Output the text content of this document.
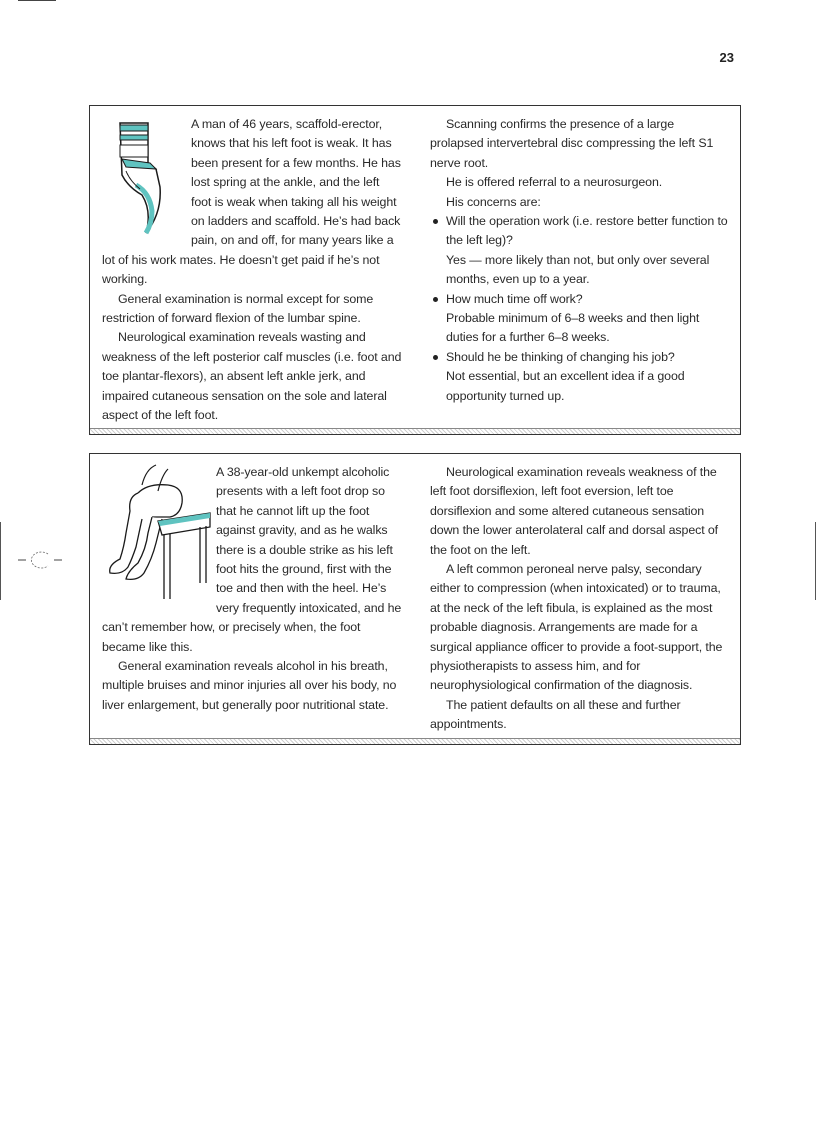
23

A man of 46 years, scaffold-erector, knows that his left foot is weak. It has been present for a few months. He has lost spring at the ankle, and the left foot is weak when taking all his weight on ladders and scaffold. He’s had back pain, on and off, for many years like a lot of his work mates. He doesn’t get paid if he’s not working.

General examination is normal except for some restriction of forward flexion of the lumbar spine.

Neurological examination reveals wasting and weakness of the left posterior calf muscles (i.e. foot and toe plantar-flexors), an absent left ankle jerk, and impaired cutaneous sensation on the sole and lateral aspect of the left foot.

Scanning confirms the presence of a large prolapsed intervertebral disc compressing the left S1 nerve root.

He is offered referral to a neurosurgeon.

His concerns are:

Will the operation work (i.e. restore better function to the left leg)?
Yes — more likely than not, but only over several months, even up to a year.
How much time off work?
Probable minimum of 6–8 weeks and then light duties for a further 6–8 weeks.
Should he be thinking of changing his job?
Not essential, but an excellent idea if a good opportunity turned up.

A 38-year-old unkempt alcoholic presents with a left foot drop so that he cannot lift up the foot against gravity, and as he walks there is a double strike as his left foot hits the ground, first with the toe and then with the heel. He’s very frequently intoxicated, and he can’t remember how, or precisely when, the foot became like this.

General examination reveals alcohol in his breath, multiple bruises and minor injuries all over his body, no liver enlargement, but generally poor nutritional state.

Neurological examination reveals weakness of the left foot dorsiflexion, left foot eversion, left toe dorsiflexion and some altered cutaneous sensation down the lower anterolateral calf and dorsal aspect of the foot on the left.

A left common peroneal nerve palsy, secondary either to compression (when intoxicated) or to trauma, at the neck of the left fibula, is explained as the most probable diagnosis. Arrangements are made for a surgical appliance officer to provide a foot-support, the physiotherapists to assess him, and for neurophysiological confirmation of the diagnosis.

The patient defaults on all these and further appointments.
